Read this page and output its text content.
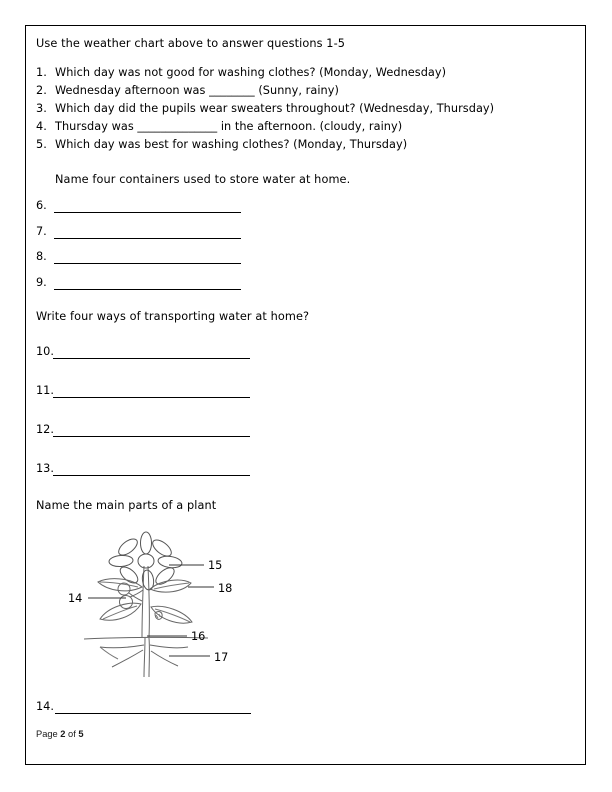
Use the weather chart above to answer questions 1-5
1. Which day was not good for washing clothes? (Monday, Wednesday)
2. Wednesday afternoon was ________ (Sunny, rainy)
3. Which day did the pupils wear sweaters throughout? (Wednesday, Thursday)
4. Thursday was ______________ in the afternoon. (cloudy, rainy)
5. Which day was best for washing clothes? (Monday, Thursday)
Name four containers used to store water at home.
6.
7.
8.
9.
Write four ways of transporting water at home?
10.
11.
12.
13.
Name the main parts of a plant
15
18
16
17
14
14.
Page 2 of 5
